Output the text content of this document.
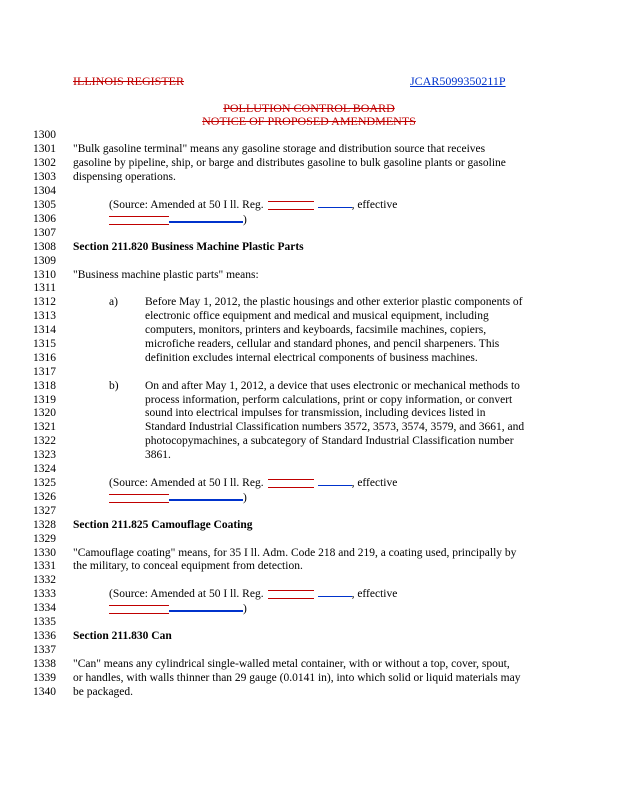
ILLINOIS REGISTER	JCAR5099350211P
POLLUTION CONTROL BOARD
NOTICE OF PROPOSED AMENDMENTS
1300
1301
1302
1303
1304
1305
1306
1307
1308
1309
1310
1311
1312
1313
1314
1315
1316
1317
1318
1319
1320
1321
1322
1323
1324
1325
1326
1327
1328
1329
1330
1331
1332
1333
1334
1335
1336
1337
1338
1339
1340
"Bulk gasoline terminal" means any gasoline storage and distribution source that receives
gasoline by pipeline, ship, or barge and distributes gasoline to bulk gasoline plants or gasoline
dispensing operations.
(Source: Amended at 50 I ll. Reg.	, effective
)
Section 211.820 Business Machine Plastic Parts
"Business machine plastic parts" means:
a) Before May 1, 2012, the plastic housings and other exterior plastic components of
electronic office equipment and medical and musical equipment, including
computers, monitors, printers and keyboards, facsimile machines, copiers,
microfiche readers, cellular and standard phones, and pencil sharpeners. This
definition excludes internal electrical components of business machines.
b) On and after May 1, 2012, a device that uses electronic or mechanical methods to
process information, perform calculations, print or copy information, or convert
sound into electrical impulses for transmission, including devices listed in
Standard Industrial Classification numbers 3572, 3573, 3574, 3579, and 3661, and
photocopymachines, a subcategory of Standard Industrial Classification number
3861.
(Source: Amended at 50 I ll. Reg.	, effective
)
Section 211.825 Camouflage Coating
"Camouflage coating" means, for 35 I ll. Adm. Code 218 and 219, a coating used, principally by
the military, to conceal equipment from detection.
(Source: Amended at 50 I ll. Reg.	, effective
)
Section 211.830 Can
"Can" means any cylindrical single-walled metal container, with or without a top, cover, spout,
or handles, with walls thinner than 29 gauge (0.0141 in), into which solid or liquid materials may
be packaged.
